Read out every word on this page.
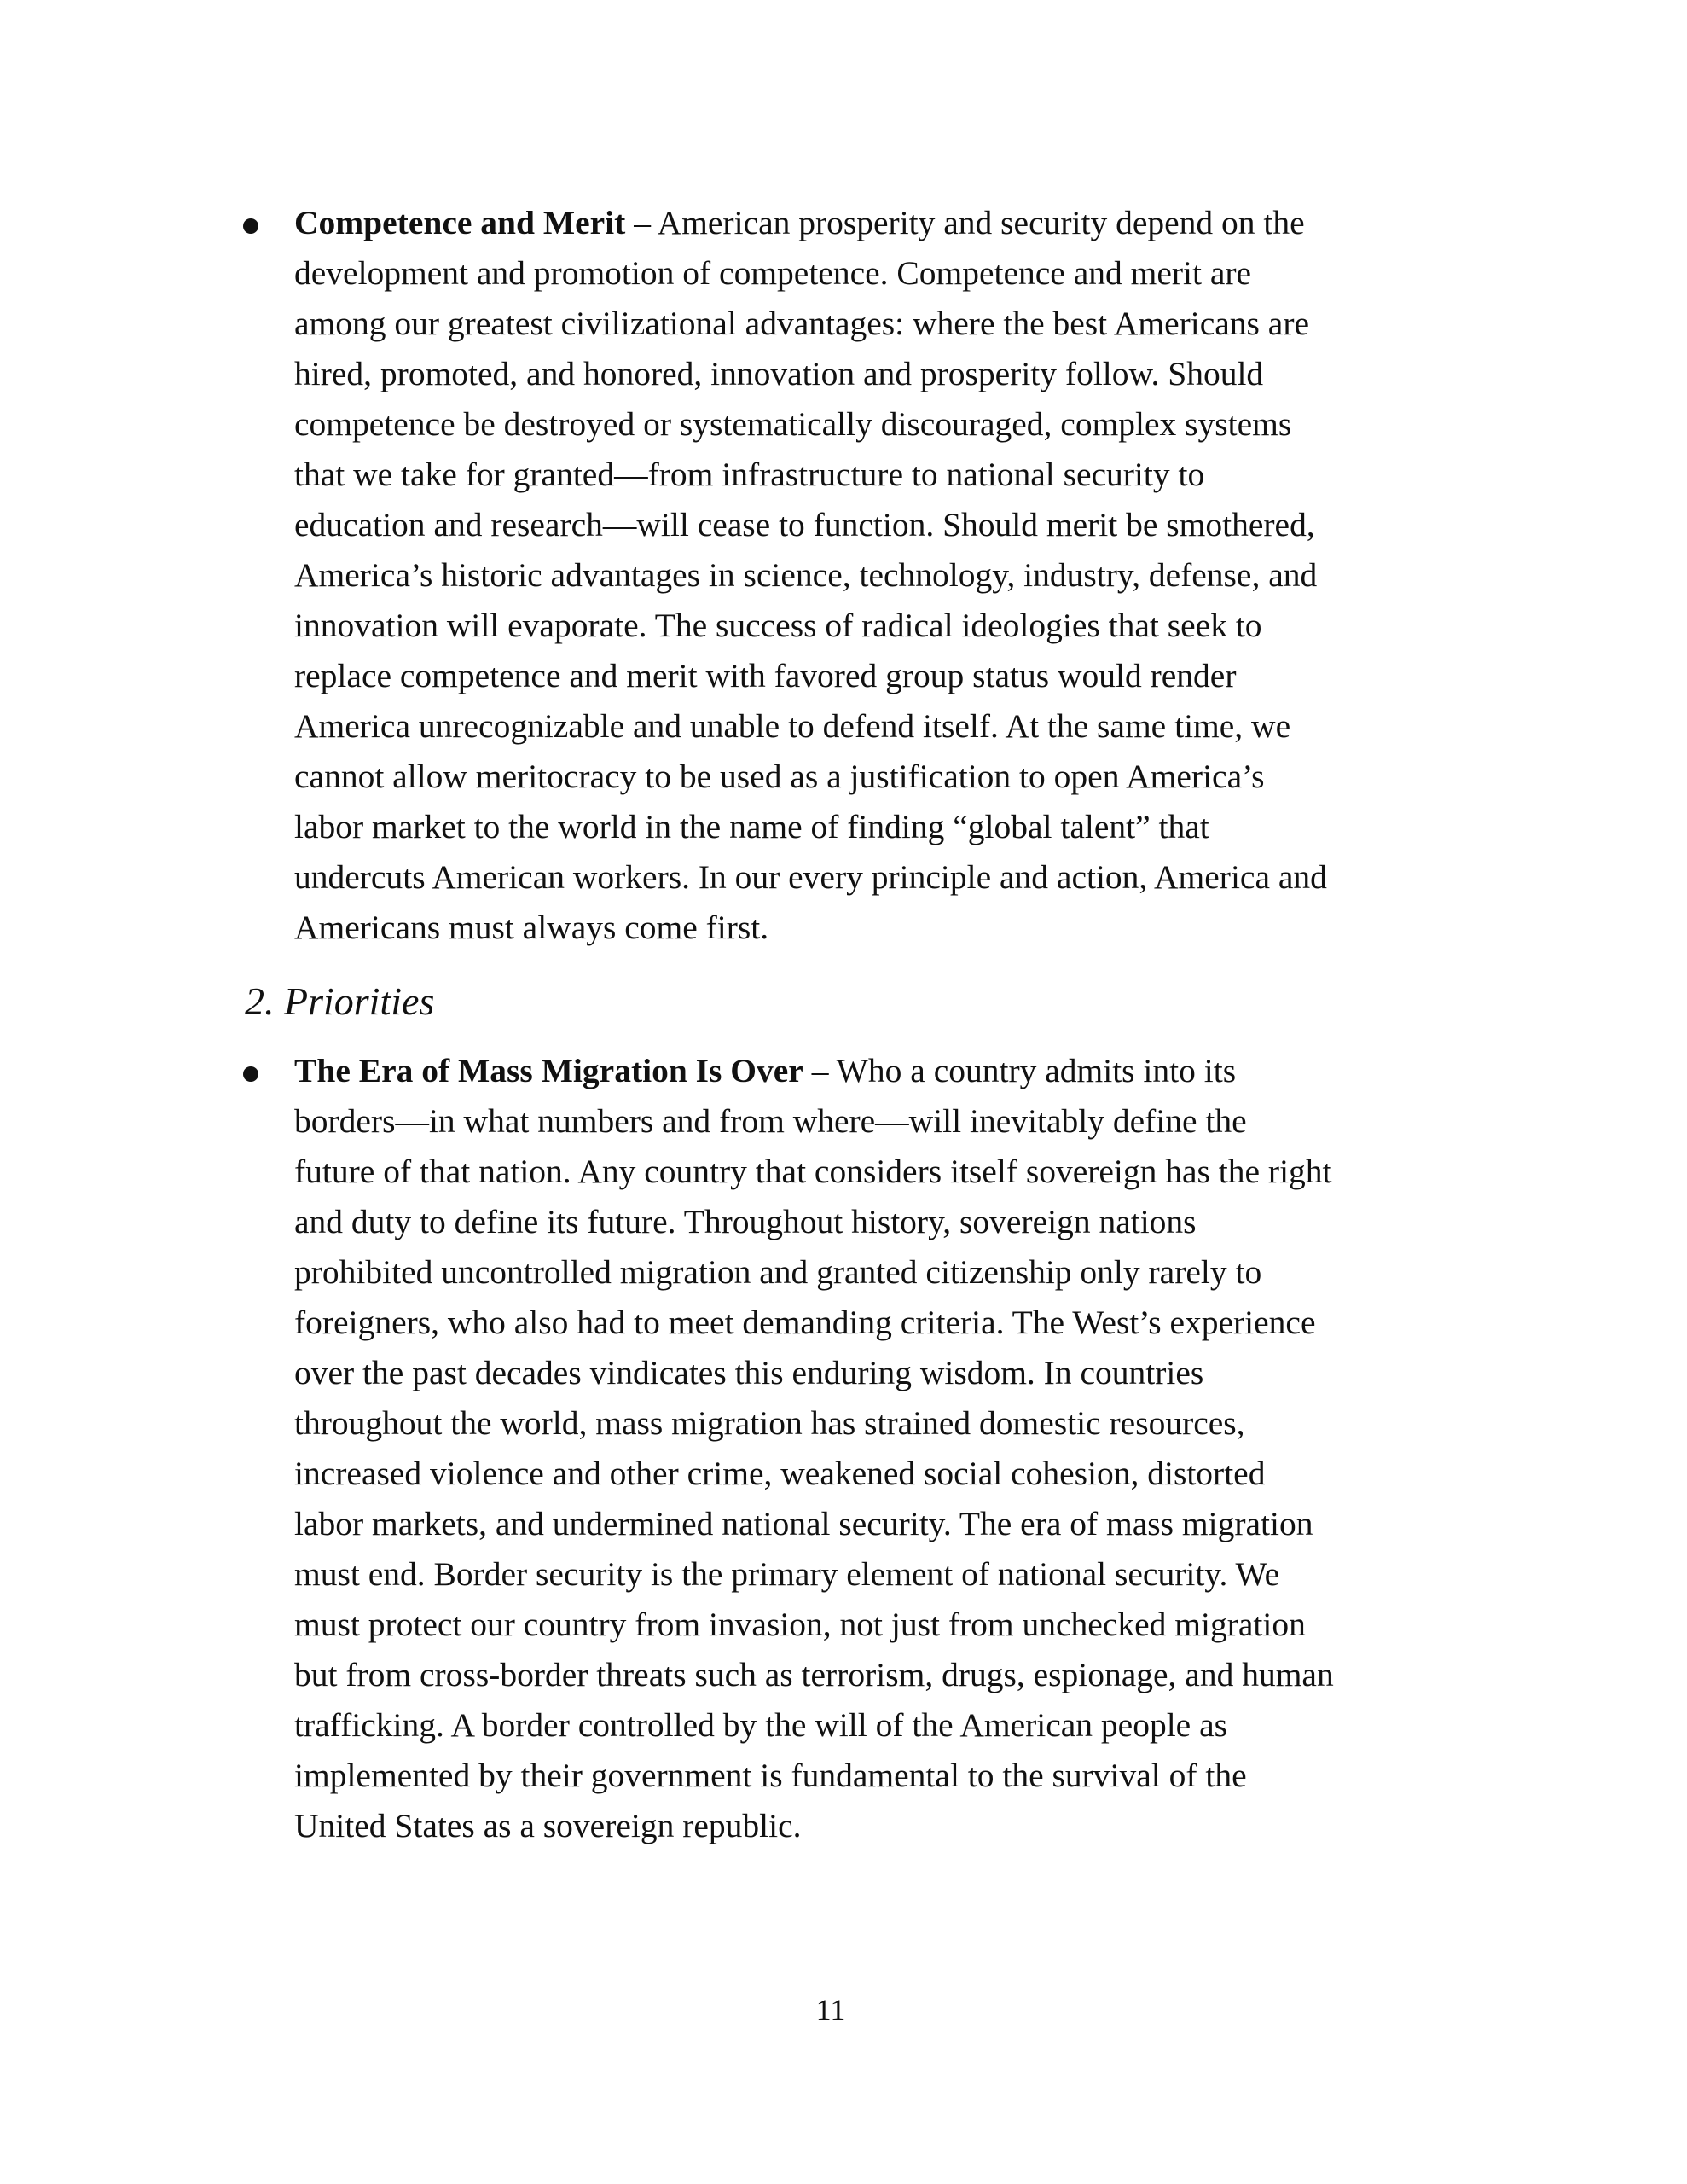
Competence and Merit – American prosperity and security depend on the
development and promotion of competence. Competence and merit are
among our greatest civilizational advantages: where the best Americans are
hired, promoted, and honored, innovation and prosperity follow. Should
competence be destroyed or systematically discouraged, complex systems
that we take for granted—from infrastructure to national security to
education and research—will cease to function. Should merit be smothered,
America’s historic advantages in science, technology, industry, defense, and
innovation will evaporate. The success of radical ideologies that seek to
replace competence and merit with favored group status would render
America unrecognizable and unable to defend itself. At the same time, we
cannot allow meritocracy to be used as a justification to open America’s
labor market to the world in the name of finding “global talent” that
undercuts American workers. In our every principle and action, America and
Americans must always come first.
2. Priorities
The Era of Mass Migration Is Over – Who a country admits into its
borders—in what numbers and from where—will inevitably define the
future of that nation. Any country that considers itself sovereign has the right
and duty to define its future. Throughout history, sovereign nations
prohibited uncontrolled migration and granted citizenship only rarely to
foreigners, who also had to meet demanding criteria. The West’s experience
over the past decades vindicates this enduring wisdom. In countries
throughout the world, mass migration has strained domestic resources,
increased violence and other crime, weakened social cohesion, distorted
labor markets, and undermined national security. The era of mass migration
must end. Border security is the primary element of national security. We
must protect our country from invasion, not just from unchecked migration
but from cross-border threats such as terrorism, drugs, espionage, and human
trafficking. A border controlled by the will of the American people as
implemented by their government is fundamental to the survival of the
United States as a sovereign republic.
11
